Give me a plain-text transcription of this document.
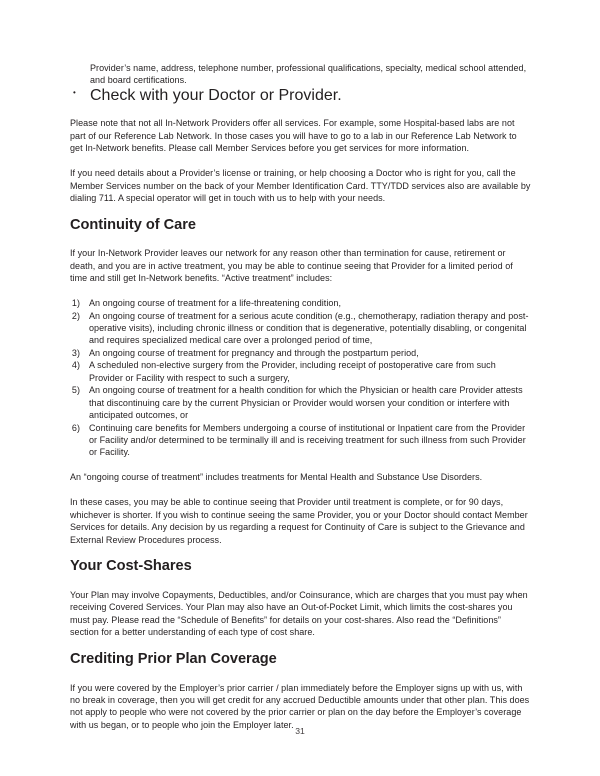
Provider’s name, address, telephone number, professional qualifications, specialty, medical school attended, and board certifications.
• Check with your Doctor or Provider.

Please note that not all In-Network Providers offer all services. For example, some Hospital-based labs are not part of our Reference Lab Network. In those cases you will have to go to a lab in our Reference Lab Network to get In-Network benefits. Please call Member Services before you get services for more information.

If you need details about a Provider’s license or training, or help choosing a Doctor who is right for you, call the Member Services number on the back of your Member Identification Card. TTY/TDD services also are available by dialing 711. A special operator will get in touch with us to help with your needs.

Continuity of Care

If your In-Network Provider leaves our network for any reason other than termination for cause, retirement or death, and you are in active treatment, you may be able to continue seeing that Provider for a limited period of time and still get In-Network benefits. “Active treatment” includes:

1)	An ongoing course of treatment for a life-threatening condition,
2)	An ongoing course of treatment for a serious acute condition (e.g., chemotherapy, radiation therapy and post-operative visits), including chronic illness or condition that is degenerative, potentially disabling, or congenital and requires specialized medical care over a prolonged period of time,
3)	An ongoing course of treatment for pregnancy and through the postpartum period,
4)	A scheduled non-elective surgery from the Provider, including receipt of postoperative care from such Provider or Facility with respect to such a surgery,
5)	An ongoing course of treatment for a health condition for which the Physician or health care Provider attests that discontinuing care by the current Physician or Provider would worsen your condition or interfere with anticipated outcomes, or
6)	Continuing care benefits for Members undergoing a course of institutional or Inpatient care from the Provider or Facility and/or determined to be terminally ill and is receiving treatment for such illness from such Provider or Facility.

An “ongoing course of treatment” includes treatments for Mental Health and Substance Use Disorders.

In these cases, you may be able to continue seeing that Provider until treatment is complete, or for 90 days, whichever is shorter. If you wish to continue seeing the same Provider, you or your Doctor should contact Member Services for details. Any decision by us regarding a request for Continuity of Care is subject to the Grievance and External Review Procedures process.

Your Cost-Shares

Your Plan may involve Copayments, Deductibles, and/or Coinsurance, which are charges that you must pay when receiving Covered Services. Your Plan may also have an Out-of-Pocket Limit, which limits the cost-shares you must pay. Please read the “Schedule of Benefits” for details on your cost-shares. Also read the “Definitions” section for a better understanding of each type of cost share.

Crediting Prior Plan Coverage

If you were covered by the Employer’s prior carrier / plan immediately before the Employer signs up with us, with no break in coverage, then you will get credit for any accrued Deductible amounts under that other plan. This does not apply to people who were not covered by the prior carrier or plan on the day before the Employer’s coverage with us began, or to people who join the Employer later.

31
